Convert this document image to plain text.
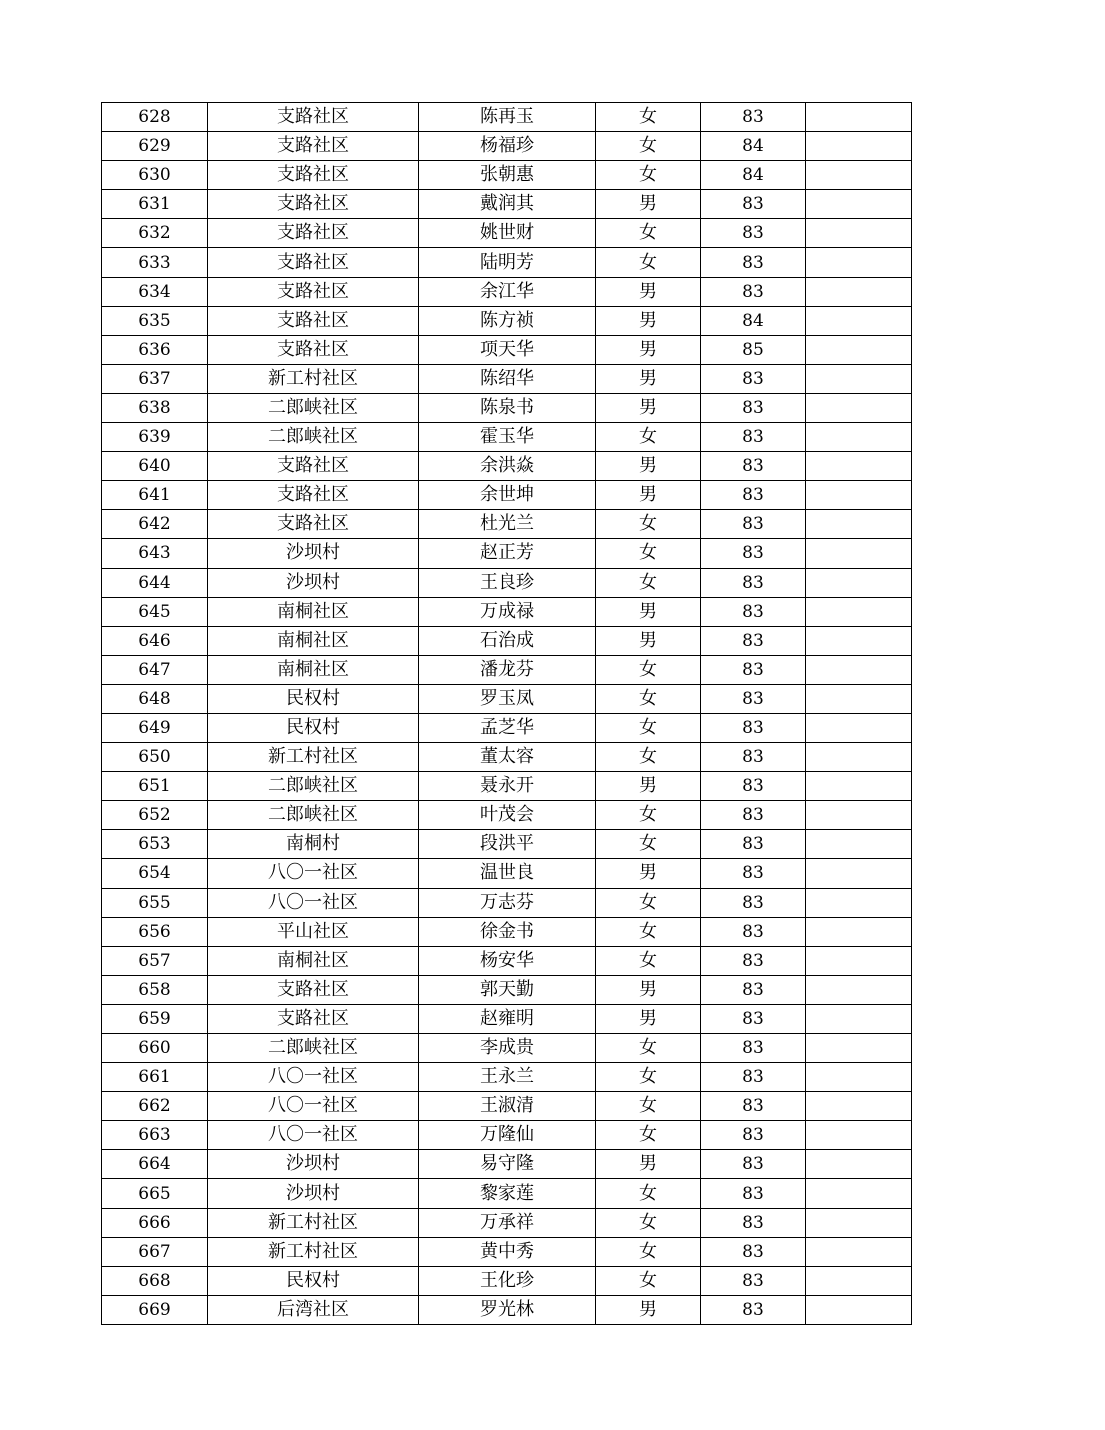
628	支路社区	陈再玉	女	83	
629	支路社区	杨福珍	女	84	
630	支路社区	张朝惠	女	84	
631	支路社区	戴润其	男	83	
632	支路社区	姚世财	女	83	
633	支路社区	陆明芳	女	83	
634	支路社区	余江华	男	83	
635	支路社区	陈方祯	男	84	
636	支路社区	项天华	男	85	
637	新工村社区	陈绍华	男	83	
638	二郎峡社区	陈泉书	男	83	
639	二郎峡社区	霍玉华	女	83	
640	支路社区	余洪焱	男	83	
641	支路社区	余世坤	男	83	
642	支路社区	杜光兰	女	83	
643	沙坝村	赵正芳	女	83	
644	沙坝村	王良珍	女	83	
645	南桐社区	万成禄	男	83	
646	南桐社区	石治成	男	83	
647	南桐社区	潘龙芬	女	83	
648	民权村	罗玉凤	女	83	
649	民权村	孟芝华	女	83	
650	新工村社区	董太容	女	83	
651	二郎峡社区	聂永开	男	83	
652	二郎峡社区	叶茂会	女	83	
653	南桐村	段洪平	女	83	
654	八〇一社区	温世良	男	83	
655	八〇一社区	万志芬	女	83	
656	平山社区	徐金书	女	83	
657	南桐社区	杨安华	女	83	
658	支路社区	郭天勤	男	83	
659	支路社区	赵雍明	男	83	
660	二郎峡社区	李成贵	女	83	
661	八〇一社区	王永兰	女	83	
662	八〇一社区	王淑清	女	83	
663	八〇一社区	万隆仙	女	83	
664	沙坝村	易守隆	男	83	
665	沙坝村	黎家莲	女	83	
666	新工村社区	万承祥	女	83	
667	新工村社区	黄中秀	女	83	
668	民权村	王化珍	女	83	
669	后湾社区	罗光林	男	83	
